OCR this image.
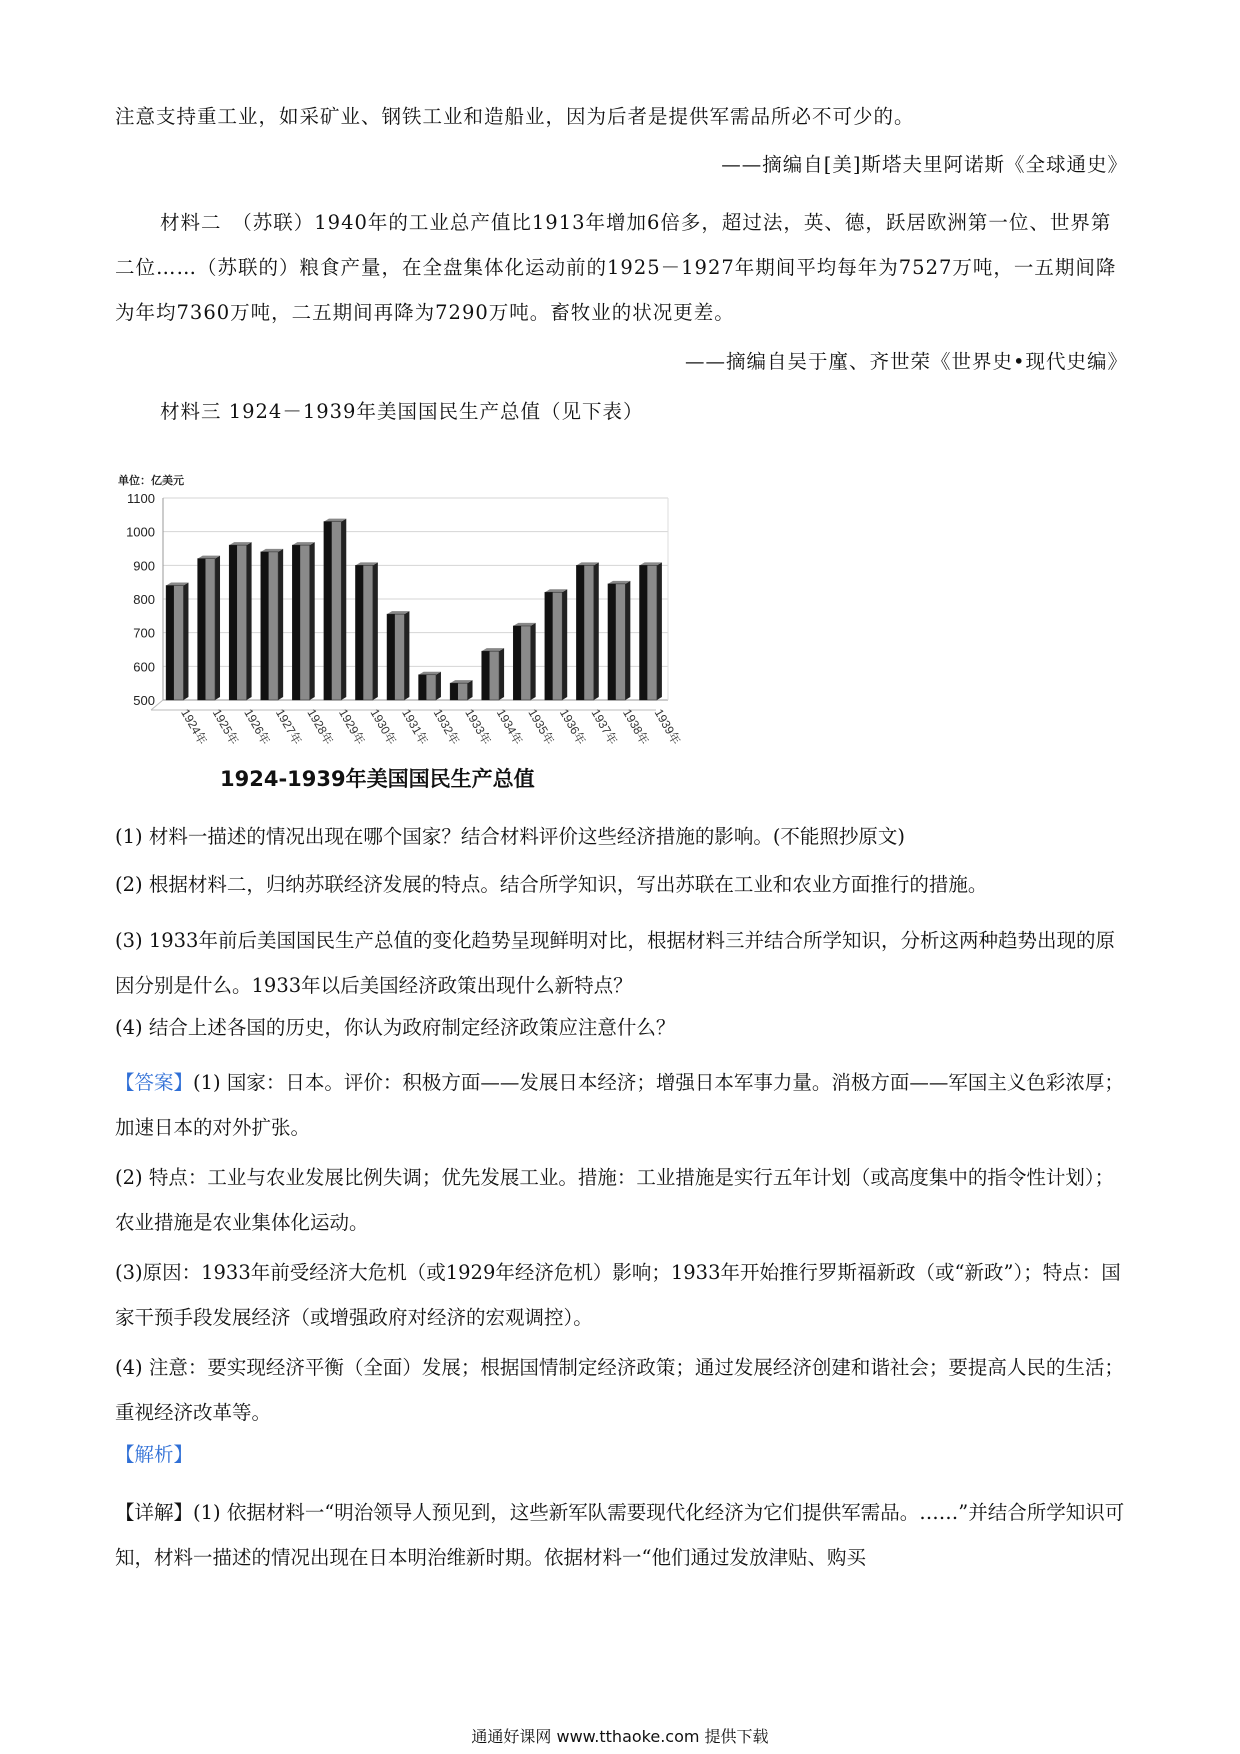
注意支持重工业，如采矿业、钢铁工业和造船业，因为后者是提供军需品所必不可少的。

——摘编自[美]斯塔夫里阿诺斯《全球通史》

材料二　（苏联）1940年的工业总产值比1913年增加6倍多，超过法，英、德，跃居欧洲第一位、世界第二位……（苏联的）粮食产量，在全盘集体化运动前的1925－1927年期间平均每年为7527万吨，一五期间降为年均7360万吨，二五期间再降为7290万吨。畜牧业的状况更差。

——摘编自吴于廑、齐世荣《世界史•现代史编》

材料三 1924－1939年美国国民生产总值（见下表）

500
600
700
800
900
1000
1100
单位：亿美元
1924年 1925年 1926年 1927年 1928年 1929年 1930年 1931年 1932年 1933年 1934年 1935年 1936年 1937年 1938年 1939年
1924-1939年美国国民生产总值

(1) 材料一描述的情况出现在哪个国家？结合材料评价这些经济措施的影响。(不能照抄原文)

(2) 根据材料二，归纳苏联经济发展的特点。结合所学知识，写出苏联在工业和农业方面推行的措施。

(3) 1933年前后美国国民生产总值的变化趋势呈现鲜明对比，根据材料三并结合所学知识，分析这两种趋势出现的原因分别是什么。1933年以后美国经济政策出现什么新特点？

(4) 结合上述各国的历史，你认为政府制定经济政策应注意什么？

【答案】(1) 国家：日本。评价：积极方面——发展日本经济；增强日本军事力量。消极方面——军国主义色彩浓厚；加速日本的对外扩张。

(2) 特点：工业与农业发展比例失调；优先发展工业。措施：工业措施是实行五年计划（或高度集中的指令性计划）；农业措施是农业集体化运动。

(3)原因：1933年前受经济大危机（或1929年经济危机）影响；1933年开始推行罗斯福新政（或“新政”）；特点：国家干预手段发展经济（或增强政府对经济的宏观调控）。

(4) 注意：要实现经济平衡（全面）发展；根据国情制定经济政策；通过发展经济创建和谐社会；要提高人民的生活；重视经济改革等。

【解析】

【详解】(1) 依据材料一“明治领导人预见到，这些新军队需要现代化经济为它们提供军需品。……”并结合所学知识可知，材料一描述的情况出现在日本明治维新时期。依据材料一“他们通过发放津贴、购买

通通好课网 www.tthaoke.com 提供下载
